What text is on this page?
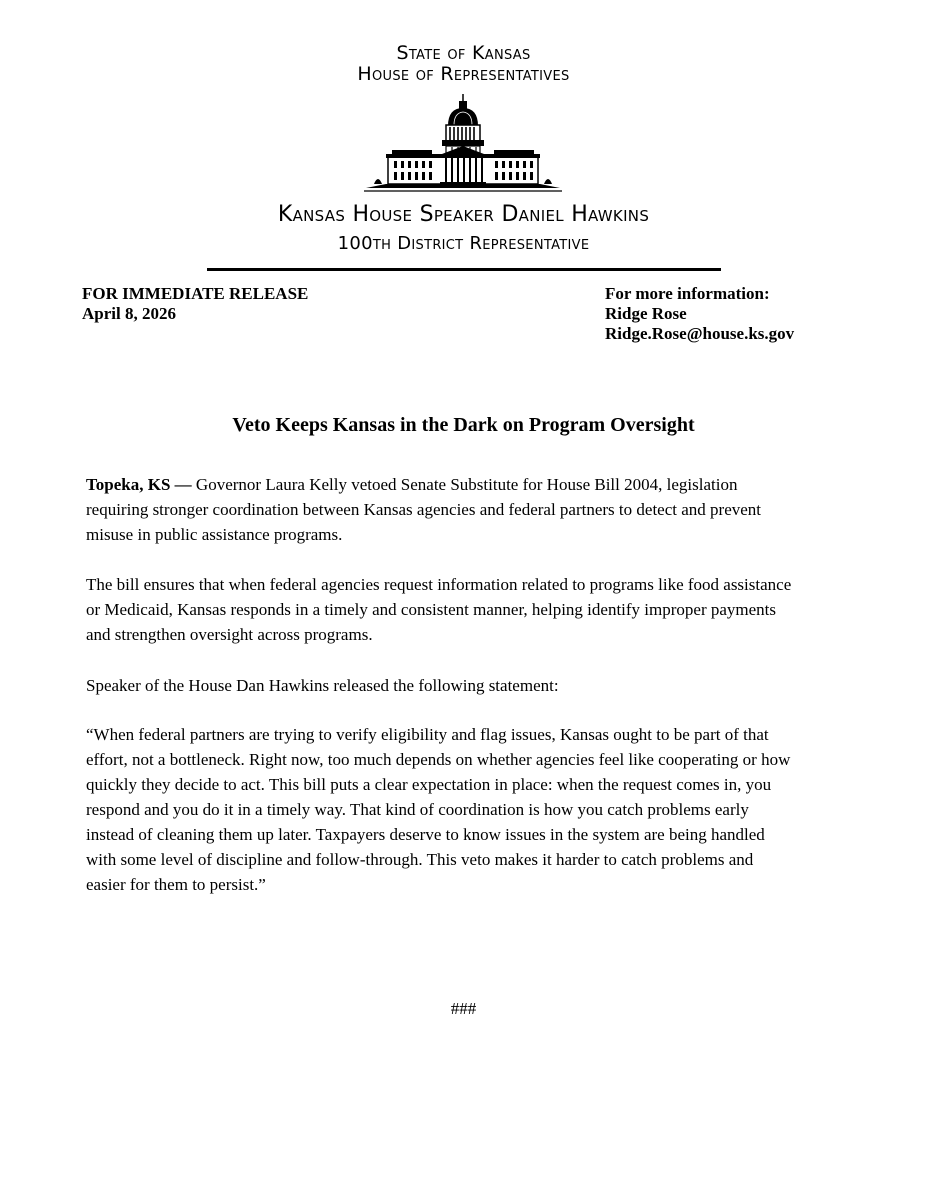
State of Kansas
House of Representatives
Kansas House Speaker Daniel Hawkins
100th District Representative
FOR IMMEDIATE RELEASE
April 8, 2026
For more information:
Ridge Rose
Ridge.Rose@house.ks.gov
Veto Keeps Kansas in the Dark on Program Oversight
Topeka, KS — Governor Laura Kelly vetoed Senate Substitute for House Bill 2004, legislation
requiring stronger coordination between Kansas agencies and federal partners to detect and prevent
misuse in public assistance programs.
The bill ensures that when federal agencies request information related to programs like food assistance
or Medicaid, Kansas responds in a timely and consistent manner, helping identify improper payments
and strengthen oversight across programs.
Speaker of the House Dan Hawkins released the following statement:
“When federal partners are trying to verify eligibility and flag issues, Kansas ought to be part of that
effort, not a bottleneck. Right now, too much depends on whether agencies feel like cooperating or how
quickly they decide to act. This bill puts a clear expectation in place: when the request comes in, you
respond and you do it in a timely way. That kind of coordination is how you catch problems early
instead of cleaning them up later. Taxpayers deserve to know issues in the system are being handled
with some level of discipline and follow-through. This veto makes it harder to catch problems and
easier for them to persist.”
###
